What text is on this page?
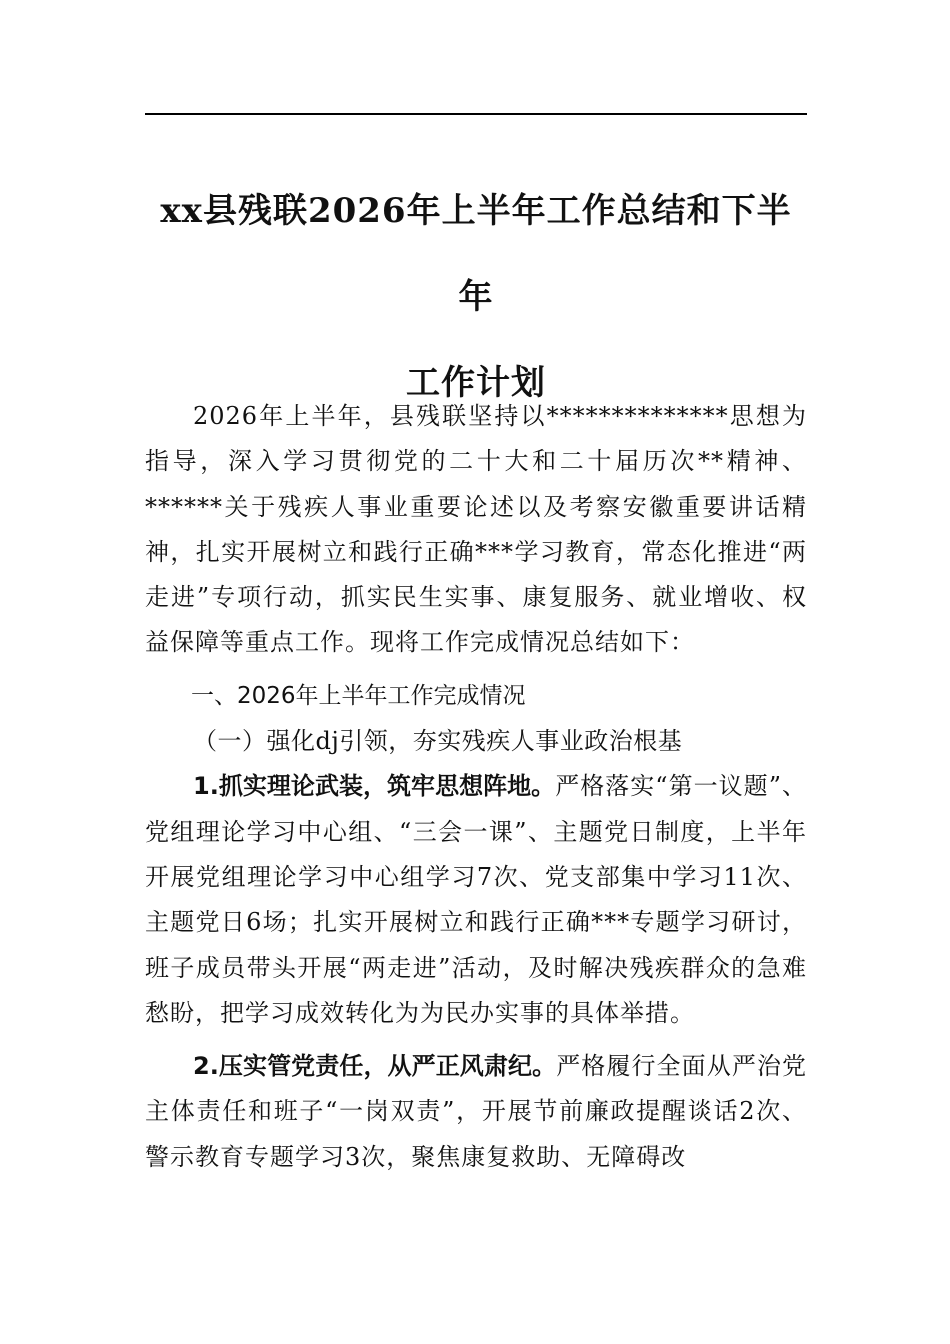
xx县残联2026年上半年工作总结和下半年
工作计划

2026年上半年，县残联坚持以**************思想为指导，深入学习贯彻党的二十大和二十届历次**精神、******关于残疾人事业重要论述以及考察安徽重要讲话精神，扎实开展树立和践行正确***学习教育，常态化推进“两走进”专项行动，抓实民生实事、康复服务、就业增收、权益保障等重点工作。现将工作完成情况总结如下：

一、2026年上半年工作完成情况

（一）强化dj引领，夯实残疾人事业政治根基

1.抓实理论武装，筑牢思想阵地。严格落实“第一议题”、党组理论学习中心组、“三会一课”、主题党日制度，上半年开展党组理论学习中心组学习7次、党支部集中学习11次、主题党日6场；扎实开展树立和践行正确***专题学习研讨，班子成员带头开展“两走进”活动，及时解决残疾群众的急难愁盼，把学习成效转化为为民办实事的具体举措。

2.压实管党责任，从严正风肃纪。严格履行全面从严治党主体责任和班子“一岗双责”，开展节前廉政提醒谈话2次、警示教育专题学习3次，聚焦康复救助、无障碍改
